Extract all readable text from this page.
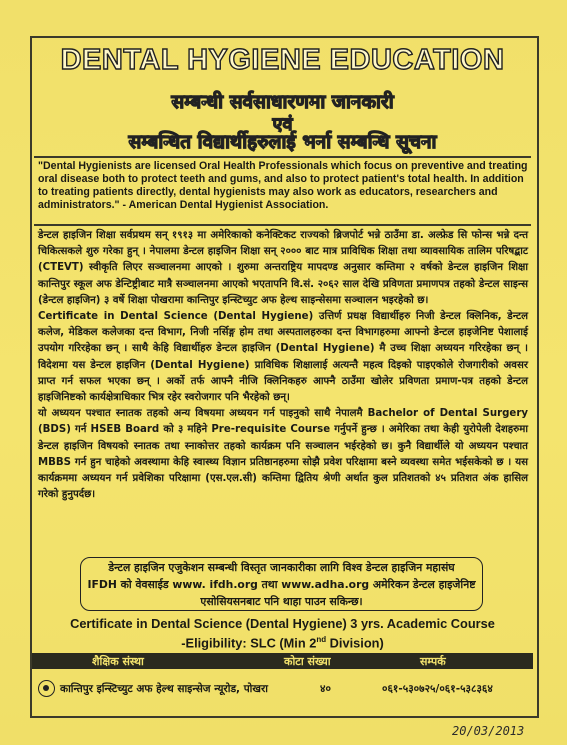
DENTAL HYGIENE EDUCATION
सम्बन्धी सर्वसाधारणमा जानकारी
एवं
सम्बन्धित विद्यार्थीहरुलाई भर्ना सम्बन्धि सूचना
"Dental Hygienists are licensed Oral Health Professionals which focus on preventive and treating oral disease both to protect teeth and gums, and also to protect patient's total health. In addition to treating patients directly, dental hygienists may also work as educators, researchers and administrators." - American Dental Hygienist Association.

डेन्टल हाइजिन शिक्षा सर्वप्रथम सन् १९१३ मा अमेरिकाको कनेक्टिकट राज्यको ब्रिजपोर्ट भन्ने ठाउँमा डा. अल्फ्रेड सि फोन्स भन्ने दन्त चिकित्सकले शुरु गरेका हुन् । नेपालमा डेन्टल हाइजिन शिक्षा सन् २००० बाट मात्र प्राविधिक शिक्षा तथा व्यावसायिक तालिम परिषद्बाट (CTEVT) स्वीकृति लिएर सञ्चालनमा आएको । शुरुमा अन्तराष्ट्रिय मापदण्ड अनुसार कम्तिमा २ वर्षको डेन्टल हाइजिन शिक्षा कान्तिपुर स्कूल अफ डेन्टिष्ट्रीबाट मात्रै सञ्चालनमा आएको भएतापनि वि.सं. २०६२ साल देखि प्रविणता प्रमाणपत्र तहको डेन्टल साइन्स (डेन्टल हाइजिन) ३ वर्षे शिक्षा पोखरामा कान्तिपुर इन्स्टिच्युट अफ हेल्थ साइन्सेसमा सञ्चालन भइरहेको छ।

Certificate in Dental Science (Dental Hygiene) उत्तिर्ण प्रधक्ष विद्यार्थीहरु निजी डेन्टल क्लिनिक, डेन्टल कलेज, मेडिकल कलेजका दन्त विभाग, निजी नर्सिङ्ग होम तथा अस्पतालहरुका दन्त विभागहरुमा आफ्नो डेन्टल हाइजेनिष्ट पेशालाई उपयोग गरिरहेका छन् । साथै केहि विद्यार्थीहरु डेन्टल हाइजिन (Dental Hygiene) मै उच्च शिक्षा अध्ययन गरिरहेका छन् । विदेशमा यस डेन्टल हाइजिन (Dental Hygiene) प्राविधिक शिक्षालाई अत्यन्तै महत्व दिइको पाइएकोले रोजगारीको अवसर प्राप्त गर्न सफल भएका छन् । अर्को तर्फ आफ्नै नीजि क्लिनिकहरु आफ्नै ठाउँमा खोलेर प्रविणता प्रमाण-पत्र तहको डेन्टल हाइजिनिष्टको कार्यक्षेत्राधिकार भित्र रहेर स्वरोजगार पनि भैरहेको छन्।

यो अध्ययन पश्चात स्नातक तहको अन्य विषयमा अध्ययन गर्न पाइनुको साथै नेपालमै Bachelor of Dental Surgery (BDS) गर्न HSEB Board को ३ महिने Pre-requisite Course गर्नुपर्ने हुन्छ । अमेरिका तथा केही युरोपेली देशहरुमा डेन्टल हाइजिन विषयको स्नातक तथा स्नाकोत्तर तहको कार्यक्रम पनि सञ्चालन भईरहेको छ। कुनै विद्यार्थीले यो अध्ययन पश्चात MBBS गर्न हुन चाहेको अवस्थामा केहि स्वास्थ्य विज्ञान प्रतिष्ठानहरुमा सोझै प्रवेश परिक्षामा बस्ने व्यवस्था समेत भईसकेको छ । यस कार्यक्रममा अध्ययन गर्न प्रवेशिका परिक्षामा (एस.एल.सी) कम्तिमा द्वितिय श्रेणी अर्थात कुल प्रतिशतको ४५ प्रतिशत अंक हासिल गरेको हुनुपर्दछ।

डेन्टल हाइजिन एजुकेशन सम्बन्धी विस्तृत जानकारीका लागि विश्व डेन्टल हाइजिन महासंघ
IFDH को वेवसाईड www. ifdh.org तथा www.adha.org अमेरिकन डेन्टल हाइजेनिष्ट
एसोसियसनबाट पनि थाहा पाउन सकिन्छ।
Certificate in Dental Science (Dental Hygiene) 3 yrs. Academic Course
-Eligibility: SLC (Min 2nd Division)
शैक्षिक संस्था	कोटा संख्या	सम्पर्क
कान्तिपुर इन्स्टिच्युट अफ हेल्थ साइन्सेज न्यूरोड, पोखरा	४०	०६१-५३०७२५/०६१-५३८३६४
20/03/2013
